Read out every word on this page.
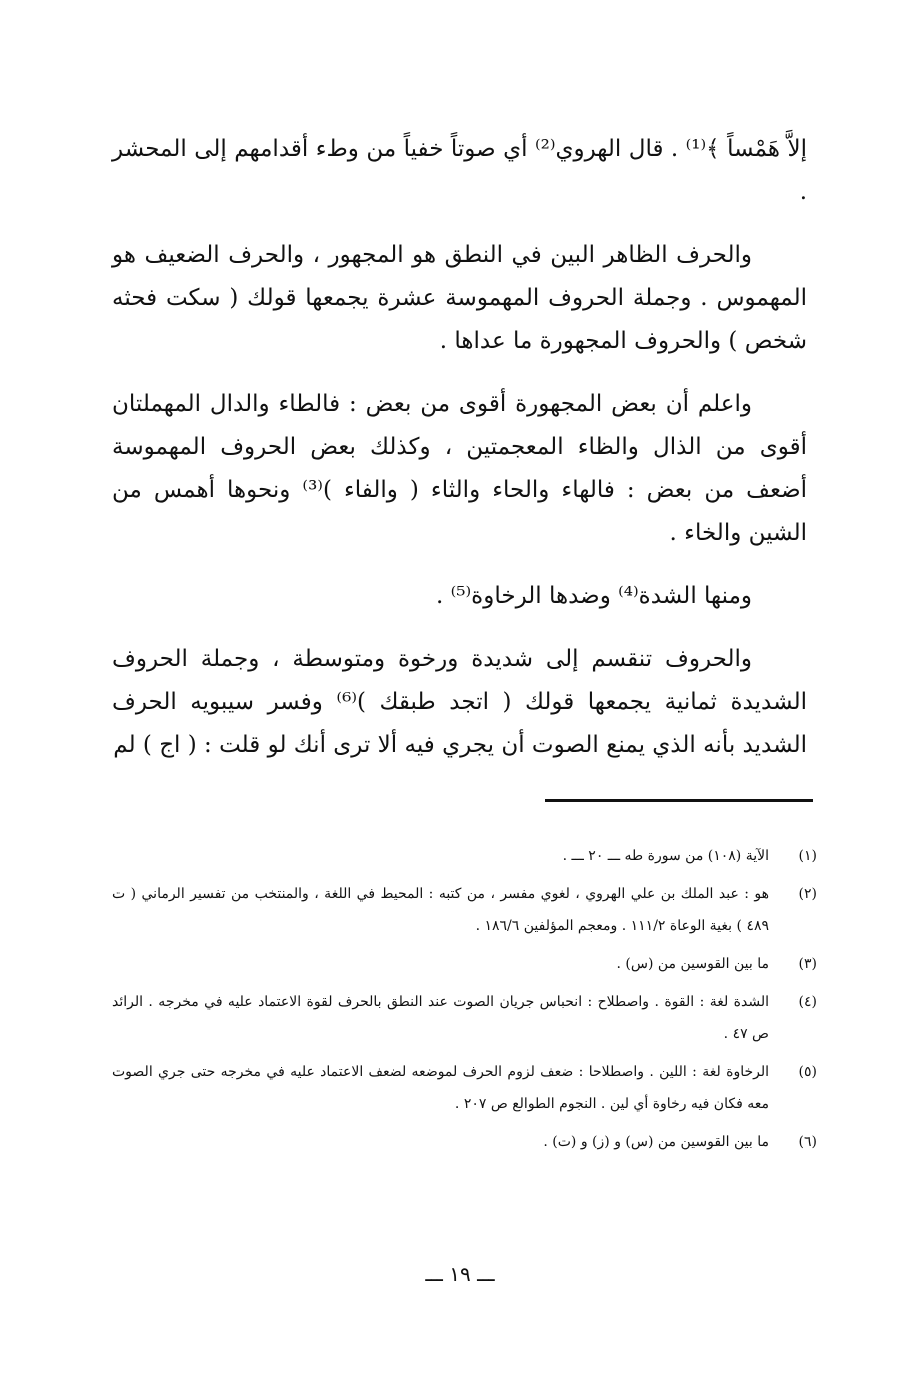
إلاَّ هَمْساً ﴾⁽¹⁾ . قال الهروي⁽²⁾ أي صوتاً خفياً من وطء أقدامهم إلى المحشر .

والحرف الظاهر البين في النطق هو المجهور ، والحرف الضعيف هو المهموس . وجملة الحروف المهموسة عشرة يجمعها قولك ( سكت فحثه شخص ) والحروف المجهورة ما عداها .

واعلم أن بعض المجهورة أقوى من بعض : فالطاء والدال المهملتان أقوى من الذال والظاء المعجمتين ، وكذلك بعض الحروف المهموسة أضعف من بعض : فالهاء والحاء والثاء ( والفاء )⁽³⁾ ونحوها أهمس من الشين والخاء .

ومنها الشدة⁽⁴⁾ وضدها الرخاوة⁽⁵⁾ .

والحروف تنقسم إلى شديدة ورخوة ومتوسطة ، وجملة الحروف الشديدة ثمانية يجمعها قولك ( اتجد طبقك )⁽⁶⁾ وفسر سيبويه الحرف الشديد بأنه الذي يمنع الصوت أن يجري فيه ألا ترى أنك لو قلت : ( اج ) لم

(١)
الآية (١٠٨) من سورة طه ـــ ٢٠ ـــ .
(٢)
هو : عبد الملك بن علي الهروي ، لغوي مفسر ، من كتبه : المحيط في اللغة ، والمنتخب من تفسير الرماني ( ت ٤٨٩ ) بغية الوعاة ١١١/٢ . ومعجم المؤلفين ١٨٦/٦ .
(٣)
ما بين القوسين من (س) .
(٤)
الشدة لغة : القوة . واصطلاح : انحباس جريان الصوت عند النطق بالحرف لقوة الاعتماد عليه في مخرجه . الرائد ص ٤٧ .
(٥)
الرخاوة لغة : اللين . واصطلاحا : ضعف لزوم الحرف لموضعه لضعف الاعتماد عليه في مخرجه حتى جري الصوت معه فكان فيه رخاوة أي لين . النجوم الطوالع ص ٢٠٧ .
(٦)
ما بين القوسين من (س) و (ز) و (ت) .
ـــ ١٩ ـــ
